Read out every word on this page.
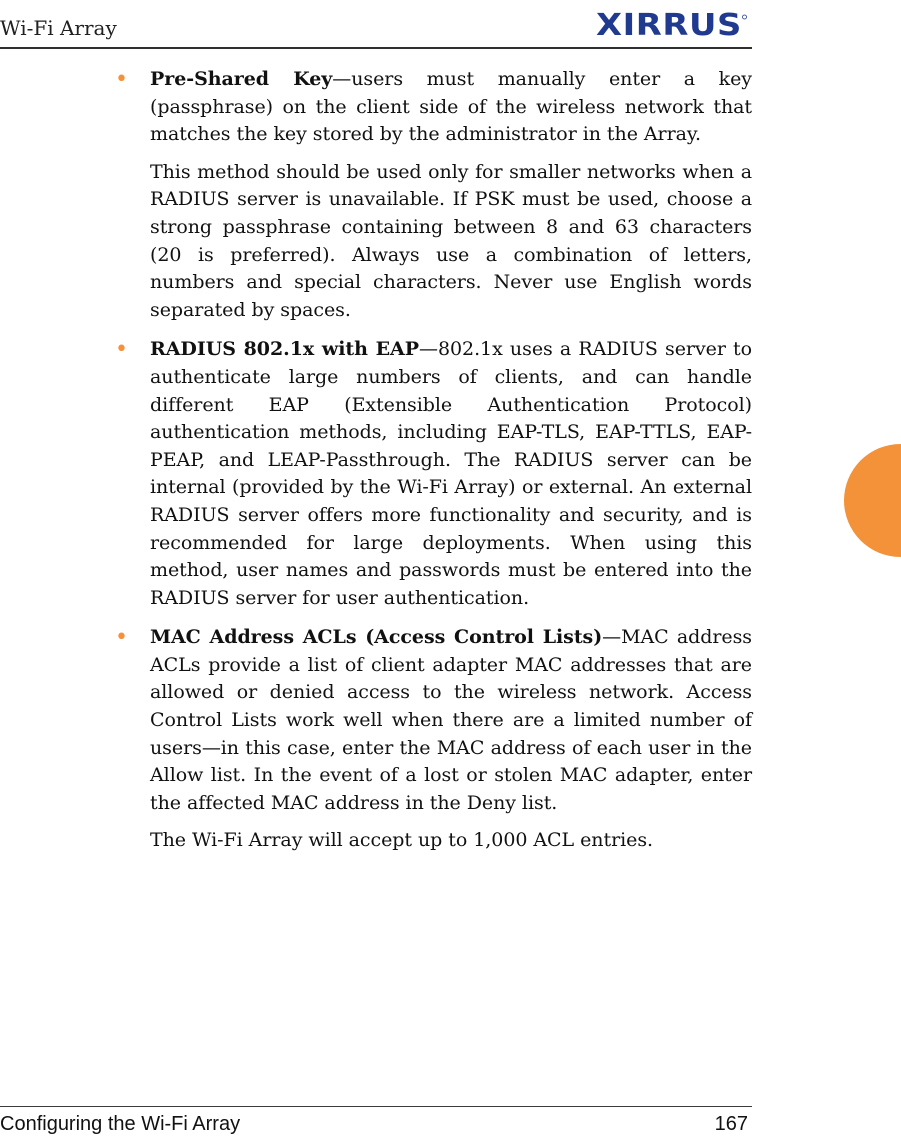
Wi-Fi Array	XIRRUS
• Pre-Shared Key—users must manually enter a key (passphrase) on the client side of the wireless network that matches the key stored by the administrator in the Array.

This method should be used only for smaller networks when a RADIUS server is unavailable. If PSK must be used, choose a strong passphrase containing between 8 and 63 characters (20 is preferred). Always use a combination of letters, numbers and special characters. Never use English words separated by spaces.

• RADIUS 802.1x with EAP—802.1x uses a RADIUS server to authenticate large numbers of clients, and can handle different EAP (Extensible Authentication Protocol) authentication methods, including EAP-TLS, EAP-TTLS, EAP-PEAP, and LEAP-Passthrough. The RADIUS server can be internal (provided by the Wi-Fi Array) or external. An external RADIUS server offers more functionality and security, and is recommended for large deployments. When using this method, user names and passwords must be entered into the RADIUS server for user authentication.

• MAC Address ACLs (Access Control Lists)—MAC address ACLs provide a list of client adapter MAC addresses that are allowed or denied access to the wireless network. Access Control Lists work well when there are a limited number of users—in this case, enter the MAC address of each user in the Allow list. In the event of a lost or stolen MAC adapter, enter the affected MAC address in the Deny list.

The Wi-Fi Array will accept up to 1,000 ACL entries.

Configuring the Wi-Fi Array	167
